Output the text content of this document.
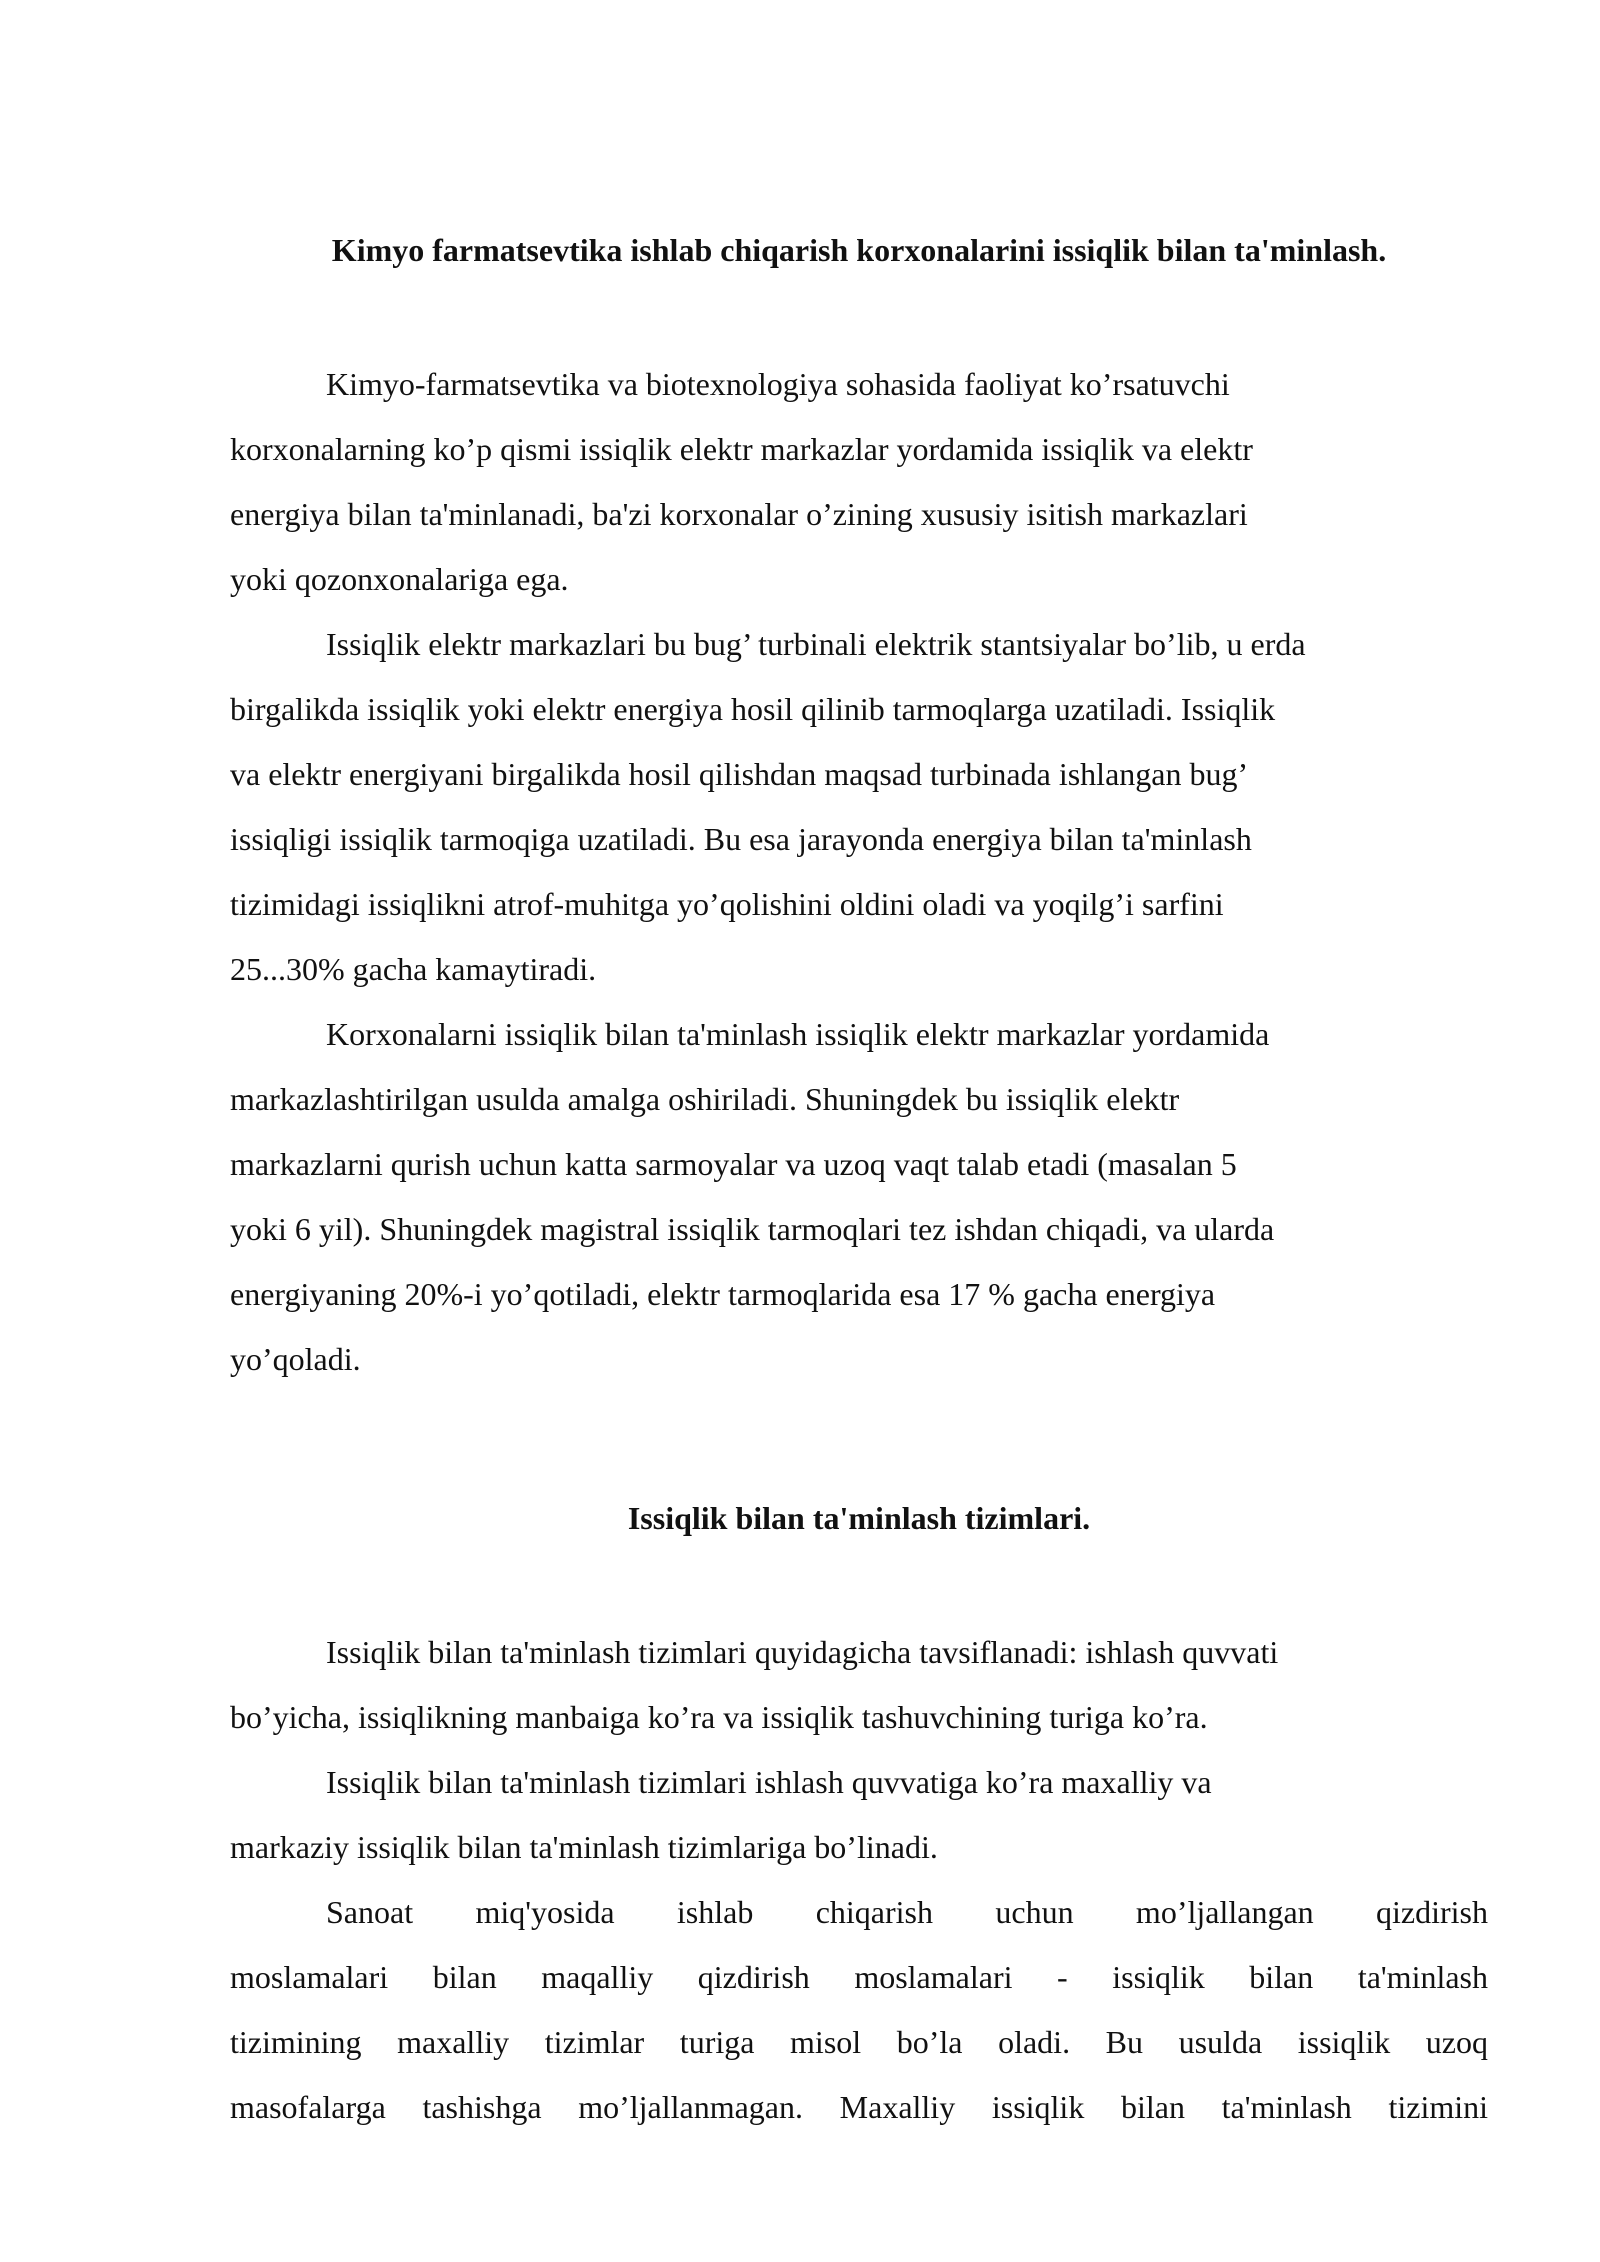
Kimyo farmatsevtika ishlab chiqarish korxonalarini issiqlik bilan ta'minlash.

Kimyo-farmatsevtika va biotexnologiya sohasida faoliyat ko’rsatuvchi
korxonalarning ko’p qismi issiqlik elektr markazlar yordamida issiqlik va elektr
energiya bilan ta'minlanadi, ba'zi korxonalar o’zining xususiy isitish markazlari
yoki qozonxonalariga ega.

Issiqlik elektr markazlari bu bug’ turbinali elektrik stantsiyalar bo’lib, u erda
birgalikda issiqlik yoki elektr energiya hosil qilinib tarmoqlarga uzatiladi. Issiqlik
va elektr energiyani birgalikda hosil qilishdan maqsad turbinada ishlangan bug’
issiqligi issiqlik tarmoqiga uzatiladi. Bu esa jarayonda energiya bilan ta'minlash
tizimidagi issiqlikni atrof-muhitga yo’qolishini oldini oladi va yoqilg’i sarfini
25...30% gacha kamaytiradi.

Korxonalarni issiqlik bilan ta'minlash issiqlik elektr markazlar yordamida
markazlashtirilgan usulda amalga oshiriladi. Shuningdek bu issiqlik elektr
markazlarni qurish uchun katta sarmoyalar va uzoq vaqt talab etadi (masalan 5
yoki 6 yil). Shuningdek magistral issiqlik tarmoqlari tez ishdan chiqadi, va ularda
energiyaning 20%-i yo’qotiladi, elektr tarmoqlarida esa 17 % gacha energiya
yo’qoladi.

Issiqlik bilan ta'minlash tizimlari.

Issiqlik bilan ta'minlash tizimlari quyidagicha tavsiflanadi: ishlash quvvati
bo’yicha, issiqlikning manbaiga ko’ra va issiqlik tashuvchining turiga ko’ra.

Issiqlik bilan ta'minlash tizimlari ishlash quvvatiga ko’ra maxalliy va
markaziy issiqlik bilan ta'minlash tizimlariga bo’linadi.

Sanoat miq'yosida ishlab chiqarish uchun mo’ljallangan qizdirish
moslamalari bilan maqalliy qizdirish moslamalari - issiqlik bilan ta'minlash
tizimining maxalliy tizimlar turiga misol bo’la oladi. Bu usulda issiqlik uzoq
masofalarga tashishga mo’ljallanmagan. Maxalliy issiqlik bilan ta'minlash tizimini
